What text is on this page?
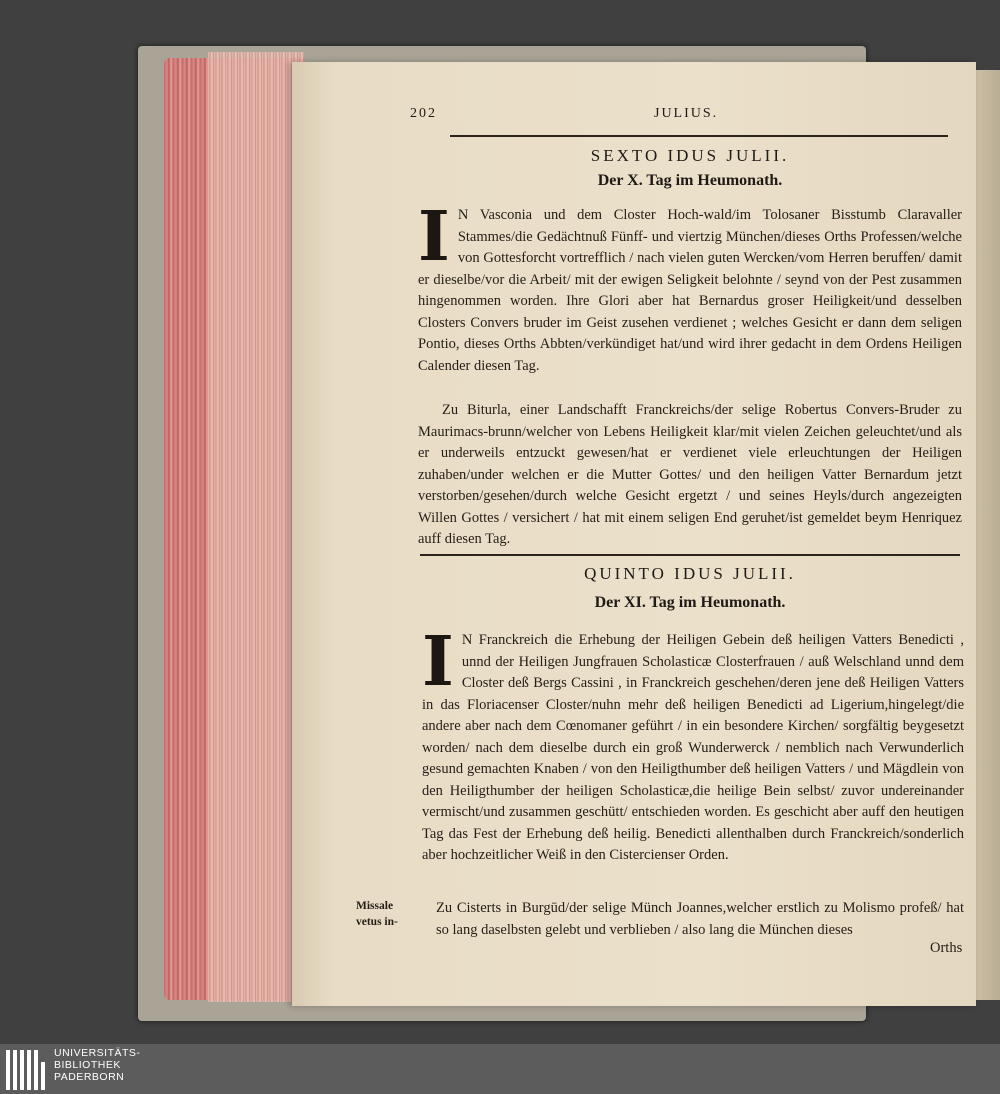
202	JULIUS.
SEXTO IDUS JULII.
Der X. Tag im Heumonath.
I N Vasconia und dem Closter Hoch-wald/im Tolosaner Bisstumb Claravaller Stammes/die Gedächtnuß Fünff- und viertzig München/dieses Orths Professen/welche von Gottesforcht vortrefflich / nach vielen guten Wercken/vom Herren beruffen/ damit er dieselbe/vor die Arbeit/ mit der ewigen Seligkeit belohnte / seynd von der Pest zusammen hingenommen worden. Ihre Glori aber hat Bernardus groser Heiligkeit/und desselben Closters Convers bruder im Geist zusehen verdienet ; welches Gesicht er dann dem seligen Pontio, dieses Orths Abbten/verkündiget hat/und wird ihrer gedacht in dem Ordens Heiligen Calender diesen Tag.
Zu Biturla, einer Landschafft Franckreichs/der selige Robertus Convers-Bruder zu Maurimacs-brunn/welcher von Lebens Heiligkeit klar/mit vielen Zeichen geleuchtet/und als er underweils entzuckt gewesen/hat er verdienet viele erleuchtungen der Heiligen zuhaben/under welchen er die Mutter Gottes/ und den heiligen Vatter Bernardum jetzt verstorben/gesehen/durch welche Gesicht ergetzt / und seines Heyls/durch angezeigten Willen Gottes / versichert / hat mit einem seligen End geruhet/ist gemeldet beym Henriquez auff diesen Tag.
QUINTO IDUS JULII.
Der XI. Tag im Heumonath.
I N Franckreich die Erhebung der Heiligen Gebein deß heiligen Vatters Benedicti , unnd der Heiligen Jungfrauen Scholasticæ Closterfrauen / auß Welschland unnd dem Closter deß Bergs Cassini , in Franckreich geschehen/deren jene deß Heiligen Vatters in das Floriacenser Closter/nuhn mehr deß heiligen Benedicti ad Ligerium,hingelegt/die andere aber nach dem Cœnomaner geführt / in ein besondere Kirchen/ sorgfältig beygesetzt worden/ nach dem dieselbe durch ein groß Wunderwerck / nemblich nach Verwunderlich gesund gemachten Knaben / von den Heiligthumber deß heiligen Vatters / und Mägdlein von den Heiligthumber der heiligen Scholasticæ,die heilige Bein selbst/ zuvor undereinander vermischt/und zusammen geschütt/ entschieden worden. Es geschicht aber auff den heutigen Tag das Fest der Erhebung deß heilig. Benedicti allenthalben durch Franckreich/sonderlich aber hochzeitlicher Weiß in den Cistercienser Orden.
Missale
vetus in-
Zu Cisterts in Burgūd/der selige Münch Joannes,welcher erstlich zu Molismo profeß/ hat so lang daselbsten gelebt und verblieben / also lang die München dieses
Orths
UNIVERSITÄTS-
BIBLIOTHEK
PADERBORN
